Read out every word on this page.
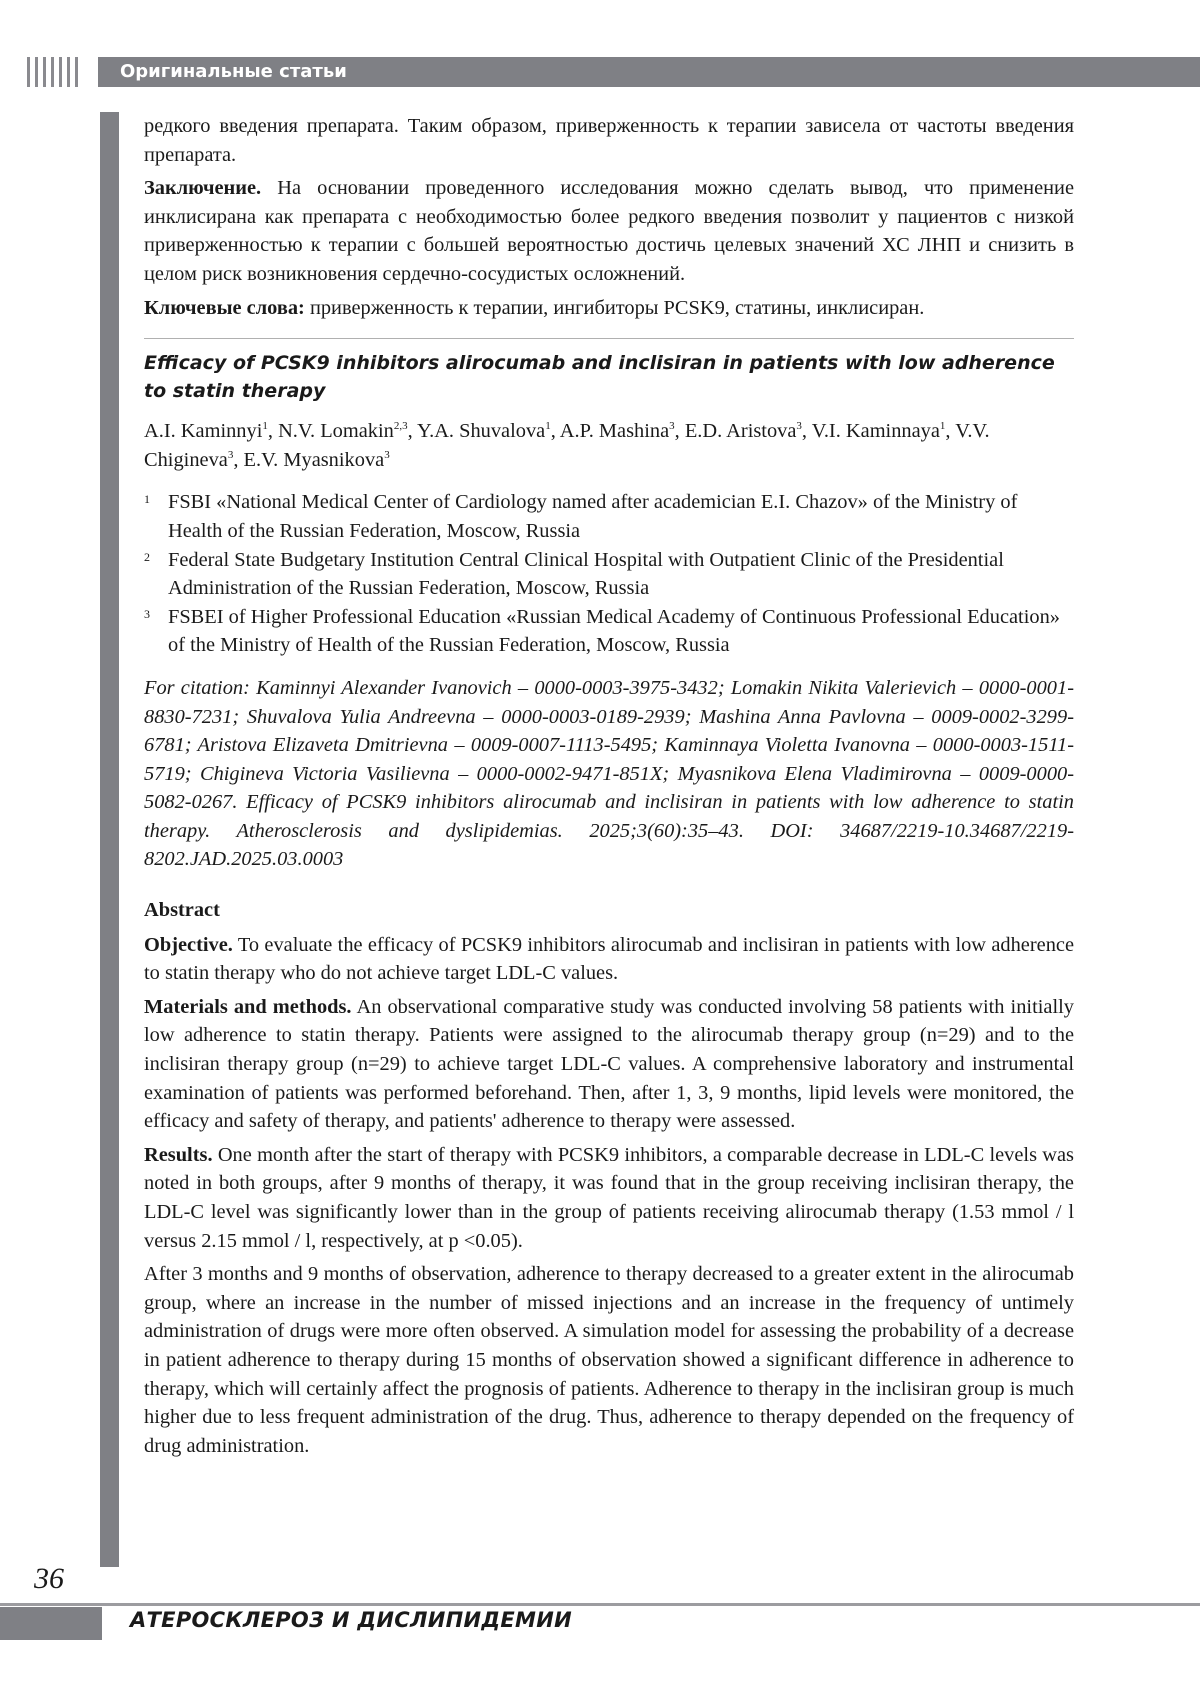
Оригинальные статьи

редкого введения препарата. Таким образом, приверженность к терапии зависела от частоты введения препарата.

Заключение. На основании проведенного исследования можно сделать вывод, что применение инклисирана как препарата с необходимостью более редкого введения позволит у пациентов с низкой приверженностью к терапии с большей вероятностью достичь целевых значений ХС ЛНП и снизить в целом риск возникновения сердечно-сосудистых осложнений.

Ключевые слова: приверженность к терапии, ингибиторы PCSK9, статины, инклисиран.

Efficacy of PCSK9 inhibitors alirocumab and inclisiran in patients with low adherence to statin therapy

A.I. Kaminnyi1, N.V. Lomakin2,3, Y.A. Shuvalova1, A.P. Mashina3, E.D. Aristova3, V.I. Kaminnaya1, V.V. Chigineva3, E.V. Myasnikova3

1 FSBI «National Medical Center of Cardiology named after academician E.I. Chazov» of the Ministry of Health of the Russian Federation, Moscow, Russia
2 Federal State Budgetary Institution Central Clinical Hospital with Outpatient Clinic of the Presidential Administration of the Russian Federation, Moscow, Russia
3 FSBEI of Higher Professional Education «Russian Medical Academy of Continuous Professional Education» of the Ministry of Health of the Russian Federation, Moscow, Russia

For citation: Kaminnyi Alexander Ivanovich – 0000-0003-3975-3432; Lomakin Nikita Valerievich – 0000-0001-8830-7231; Shuvalova Yulia Andreevna – 0000-0003-0189-2939; Mashina Anna Pavlovna – 0009-0002-3299-6781; Aristova Elizaveta Dmitrievna – 0009-0007-1113-5495; Kaminnaya Violetta Ivanovna – 0000-0003-1511-5719; Chigineva Victoria Vasilievna – 0000-0002-9471-851X; Myasnikova Elena Vladimirovna – 0009-0000-5082-0267. Efficacy of PCSK9 inhibitors alirocumab and inclisiran in patients with low adherence to statin therapy. Atherosclerosis and dyslipidemias. 2025;3(60):35–43. DOI: 34687/2219-10.34687/2219-8202.JAD.2025.03.0003

Abstract

Objective. To evaluate the efficacy of PCSK9 inhibitors alirocumab and inclisiran in patients with low adherence to statin therapy who do not achieve target LDL-C values.

Materials and methods. An observational comparative study was conducted involving 58 patients with initially low adherence to statin therapy. Patients were assigned to the alirocumab therapy group (n=29) and to the inclisiran therapy group (n=29) to achieve target LDL-C values. A comprehensive laboratory and instrumental examination of patients was performed beforehand. Then, after 1, 3, 9 months, lipid levels were monitored, the efficacy and safety of therapy, and patients' adherence to therapy were assessed.

Results. One month after the start of therapy with PCSK9 inhibitors, a comparable decrease in LDL-C levels was noted in both groups, after 9 months of therapy, it was found that in the group receiving inclisiran therapy, the LDL-C level was significantly lower than in the group of patients receiving alirocumab therapy (1.53 mmol / l versus 2.15 mmol / l, respectively, at p <0.05).

After 3 months and 9 months of observation, adherence to therapy decreased to a greater extent in the alirocumab group, where an increase in the number of missed injections and an increase in the frequency of untimely administration of drugs were more often observed. A simulation model for assessing the probability of a decrease in patient adherence to therapy during 15 months of observation showed a significant difference in adherence to therapy, which will certainly affect the prognosis of patients. Adherence to therapy in the inclisiran group is much higher due to less frequent administration of the drug. Thus, adherence to therapy depended on the frequency of drug administration.

36
АТЕРОСКЛЕРОЗ И ДИСЛИПИДЕМИИ
